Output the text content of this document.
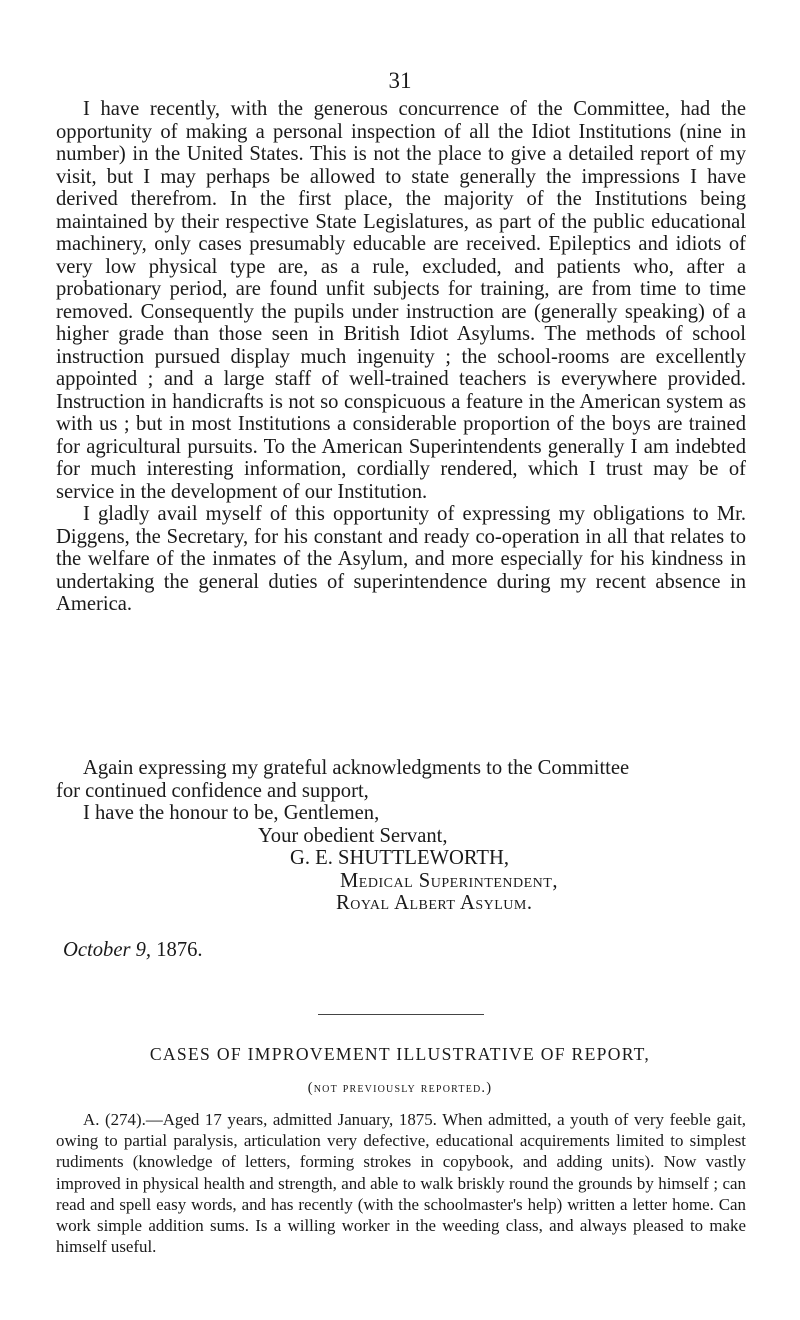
31

I have recently, with the generous concurrence of the Committee, had the opportunity of making a personal inspection of all the Idiot Institutions (nine in number) in the United States. This is not the place to give a detailed report of my visit, but I may perhaps be allowed to state generally the impressions I have derived therefrom. In the first place, the majority of the Institutions being maintained by their respective State Legislatures, as part of the public educational machinery, only cases presumably educable are received. Epileptics and idiots of very low physical type are, as a rule, excluded, and patients who, after a probationary period, are found unfit subjects for training, are from time to time removed. Consequently the pupils under instruction are (generally speaking) of a higher grade than those seen in British Idiot Asylums. The methods of school instruction pursued display much ingenuity ; the school-rooms are excellently appointed ; and a large staff of well-trained teachers is everywhere provided. Instruction in handicrafts is not so conspicuous a feature in the American system as with us ; but in most Institutions a considerable proportion of the boys are trained for agricultural pursuits. To the American Superintendents generally I am indebted for much interesting information, cordially rendered, which I trust may be of service in the development of our Institution.

I gladly avail myself of this opportunity of expressing my obligations to Mr. Diggens, the Secretary, for his constant and ready co-operation in all that relates to the welfare of the inmates of the Asylum, and more especially for his kindness in undertaking the general duties of superintendence during my recent absence in America.

Again expressing my grateful acknowledgments to the Committee
for continued confidence and support,
I have the honour to be, Gentlemen,
Your obedient Servant,
G. E. SHUTTLEWORTH,
Medical Superintendent,
Royal Albert Asylum.
October 9, 1876.
CASES OF IMPROVEMENT ILLUSTRATIVE OF REPORT,
(not previously reported.)

A. (274).—Aged 17 years, admitted January, 1875. When admitted, a youth of very feeble gait, owing to partial paralysis, articulation very defective, educational acquirements limited to simplest rudiments (knowledge of letters, forming strokes in copybook, and adding units). Now vastly improved in physical health and strength, and able to walk briskly round the grounds by himself ; can read and spell easy words, and has recently (with the schoolmaster's help) written a letter home. Can work simple addition sums. Is a willing worker in the weeding class, and always pleased to make himself useful.
